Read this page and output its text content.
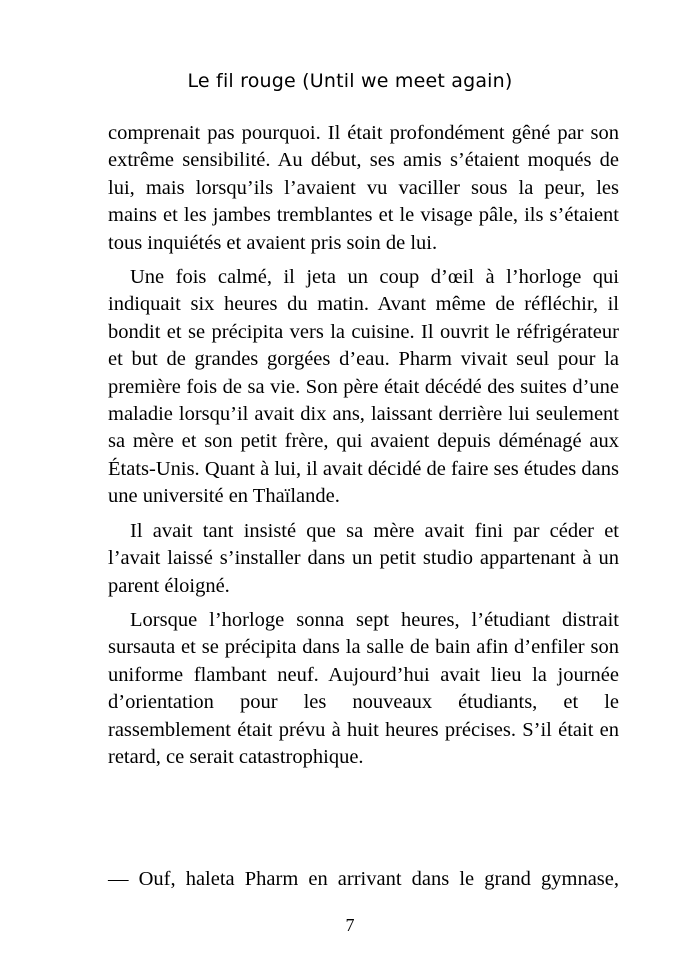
Le fil rouge (Until we meet again)

comprenait pas pourquoi. Il était profondément gêné par son extrême sensibilité. Au début, ses amis s’étaient moqués de lui, mais lorsqu’ils l’avaient vu vaciller sous la peur, les mains et les jambes tremblantes et le visage pâle, ils s’étaient tous inquiétés et avaient pris soin de lui.

Une fois calmé, il jeta un coup d’œil à l’horloge qui indiquait six heures du matin. Avant même de réfléchir, il bondit et se précipita vers la cuisine. Il ouvrit le réfrigérateur et but de grandes gorgées d’eau. Pharm vivait seul pour la première fois de sa vie. Son père était décédé des suites d’une maladie lorsqu’il avait dix ans, laissant derrière lui seulement sa mère et son petit frère, qui avaient depuis déménagé aux États-Unis. Quant à lui, il avait décidé de faire ses études dans une université en Thaïlande.

Il avait tant insisté que sa mère avait fini par céder et l’avait laissé s’installer dans un petit studio appartenant à un parent éloigné.

Lorsque l’horloge sonna sept heures, l’étudiant distrait sursauta et se précipita dans la salle de bain afin d’enfiler son uniforme flambant neuf. Aujourd’hui avait lieu la journée d’orientation pour les nouveaux étudiants, et le rassemblement était prévu à huit heures précises. S’il était en retard, ce serait catastrophique.

— Ouf, haleta Pharm en arrivant dans le grand gymnase,

7
